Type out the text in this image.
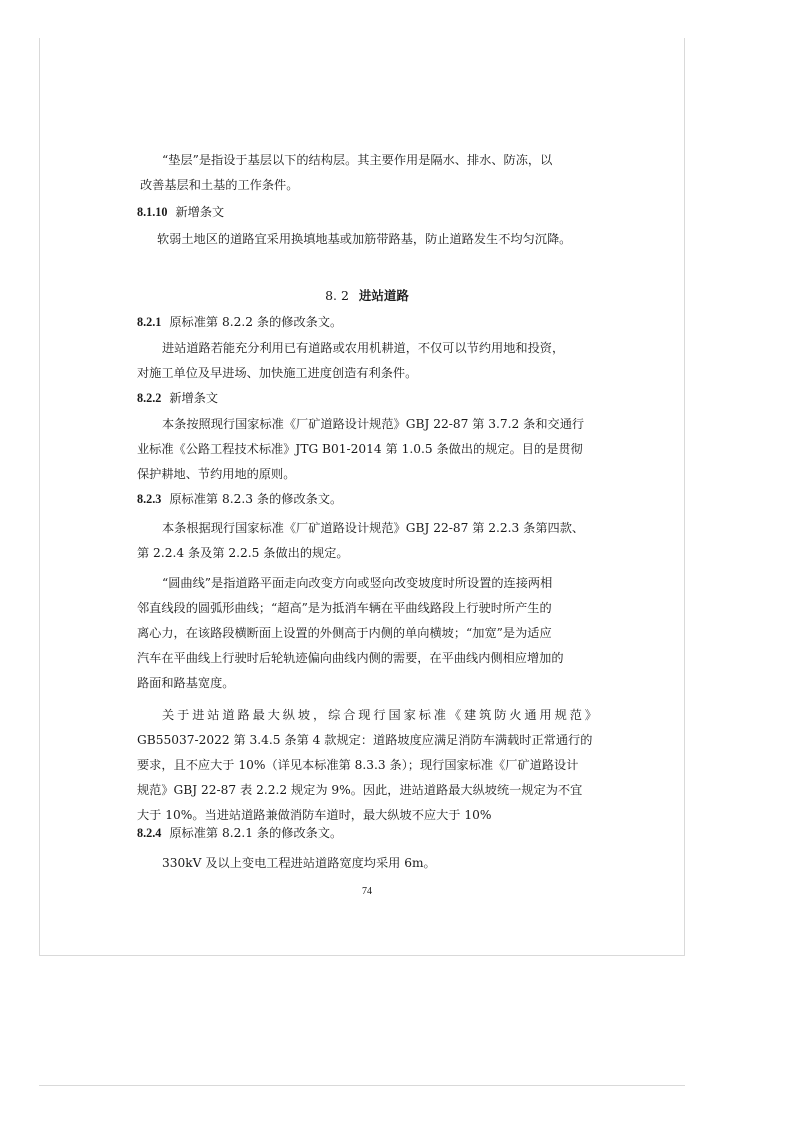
“垫层”是指设于基层以下的结构层。其主要作用是隔水、排水、防冻，以
改善基层和土基的工作条件。
8.1.10 新增条文
软弱土地区的道路宜采用换填地基或加筋带路基，防止道路发生不均匀沉降。
8. 2 进站道路
8.2.1 原标准第 8.2.2 条的修改条文。
进站道路若能充分利用已有道路或农用机耕道，不仅可以节约用地和投资，
对施工单位及早进场、加快施工进度创造有利条件。
8.2.2 新增条文
本条按照现行国家标准《厂矿道路设计规范》GBJ 22-87 第 3.7.2 条和交通行
业标准《公路工程技术标准》JTG B01-2014 第 1.0.5 条做出的规定。目的是贯彻
保护耕地、节约用地的原则。
8.2.3 原标准第 8.2.3 条的修改条文。
本条根据现行国家标准《厂矿道路设计规范》GBJ 22-87 第 2.2.3 条第四款、
第 2.2.4 条及第 2.2.5 条做出的规定。
“圆曲线”是指道路平面走向改变方向或竖向改变坡度时所设置的连接两相
邻直线段的圆弧形曲线；“超高”是为抵消车辆在平曲线路段上行驶时所产生的
离心力，在该路段横断面上设置的外侧高于内侧的单向横坡；“加宽”是为适应
汽车在平曲线上行驶时后轮轨迹偏向曲线内侧的需要，在平曲线内侧相应增加的
路面和路基宽度。
关于进站道路最大纵坡，综合现行国家标准《建筑防火通用规范》
GB55037-2022 第 3.4.5 条第 4 款规定：道路坡度应满足消防车满载时正常通行的
要求，且不应大于 10%（详见本标准第 8.3.3 条）；现行国家标准《厂矿道路设计
规范》GBJ 22-87 表 2.2.2 规定为 9%。因此，进站道路最大纵坡统一规定为不宜
大于 10%。当进站道路兼做消防车道时，最大纵坡不应大于 10%
8.2.4 原标准第 8.2.1 条的修改条文。
330kV 及以上变电工程进站道路宽度均采用 6m。
74
